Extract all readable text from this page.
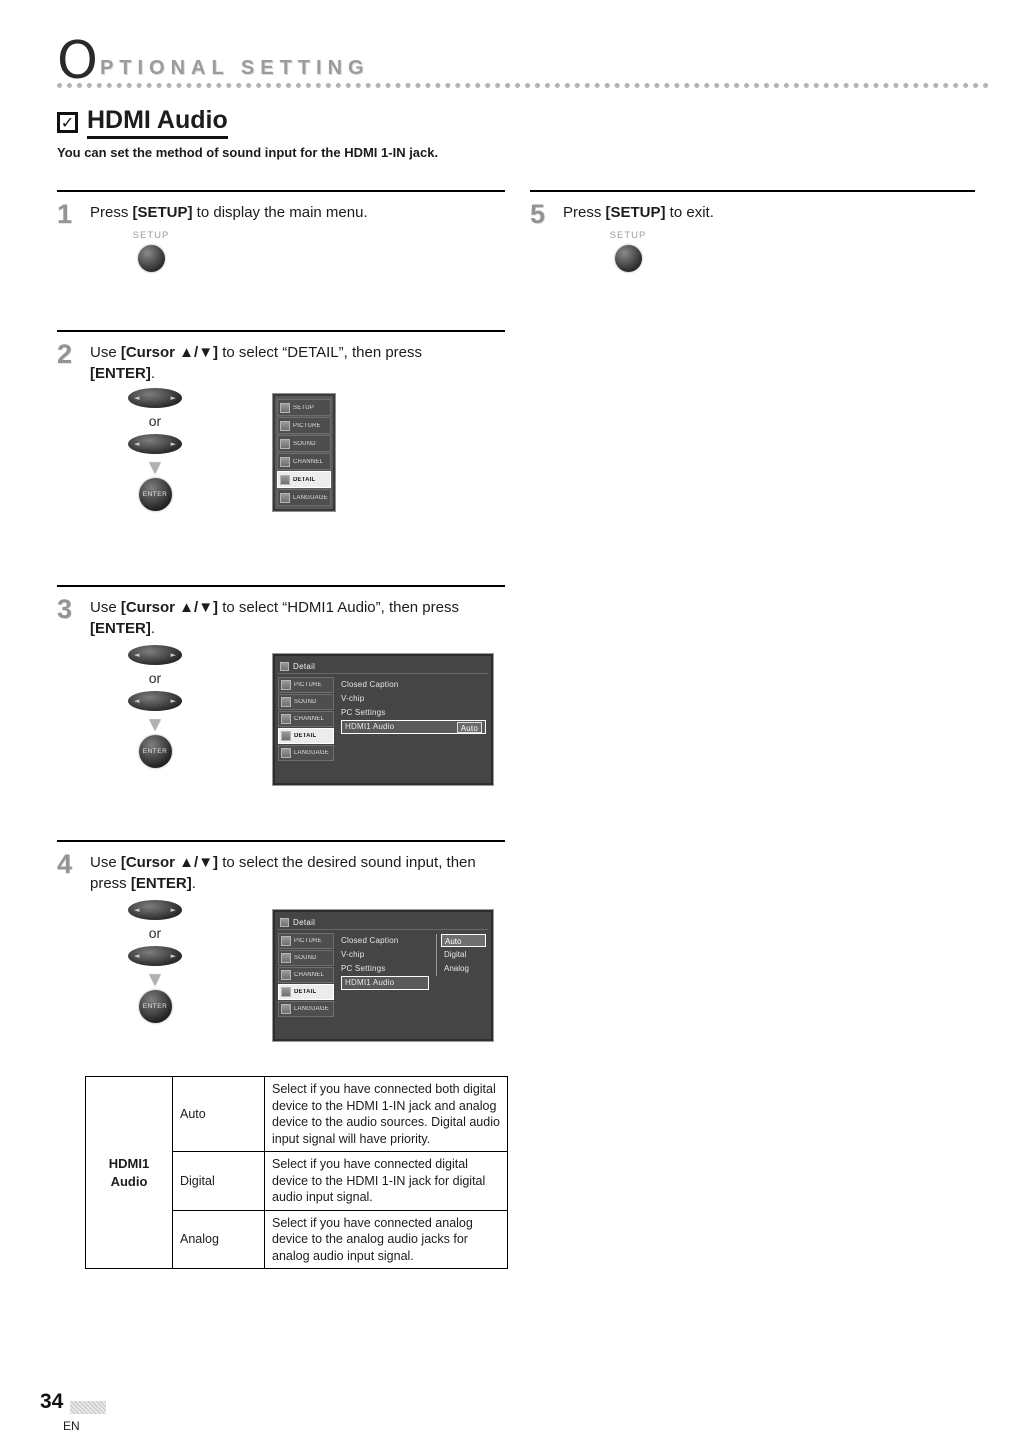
O PTIONAL SETTING
✓ HDMI Audio

You can set the method of sound input for the HDMI 1-IN jack.

1	Press [SETUP] to display the main menu.

SETUP
2	Use [Cursor ▲/▼] to select “DETAIL”, then press [ENTER].

◄	►
or
◄	►
▼
ENTER
SETUP
PICTURE
SOUND
CHANNEL
DETAIL
LANGUAGE
3	Use [Cursor ▲/▼] to select “HDMI1 Audio”, then press [ENTER].

◄	►
or
◄	►
▼
ENTER
Detail
PICTURE
SOUND
CHANNEL
DETAIL
LANGUAGE
Closed Caption
V-chip
PC Settings
HDMI1 Audio	Auto
4	Use [Cursor ▲/▼] to select the desired sound input, then press [ENTER].

◄	►
or
◄	►
▼
ENTER
Detail
PICTURE
SOUND
CHANNEL
DETAIL
LANGUAGE
Closed Caption
V-chip
PC Settings
HDMI1 Audio
Auto
Digital
Analog
5	Press [SETUP] to exit.

SETUP
HDMI1 Audio	Auto	Select if you have connected both digital device to the HDMI 1-IN jack and analog device to the audio sources. Digital audio input signal will have priority.
	Digital	Select if you have connected digital device to the HDMI 1-IN jack for digital audio input signal.
	Analog	Select if you have connected analog device to the analog audio jacks for analog audio input signal.
34
EN
